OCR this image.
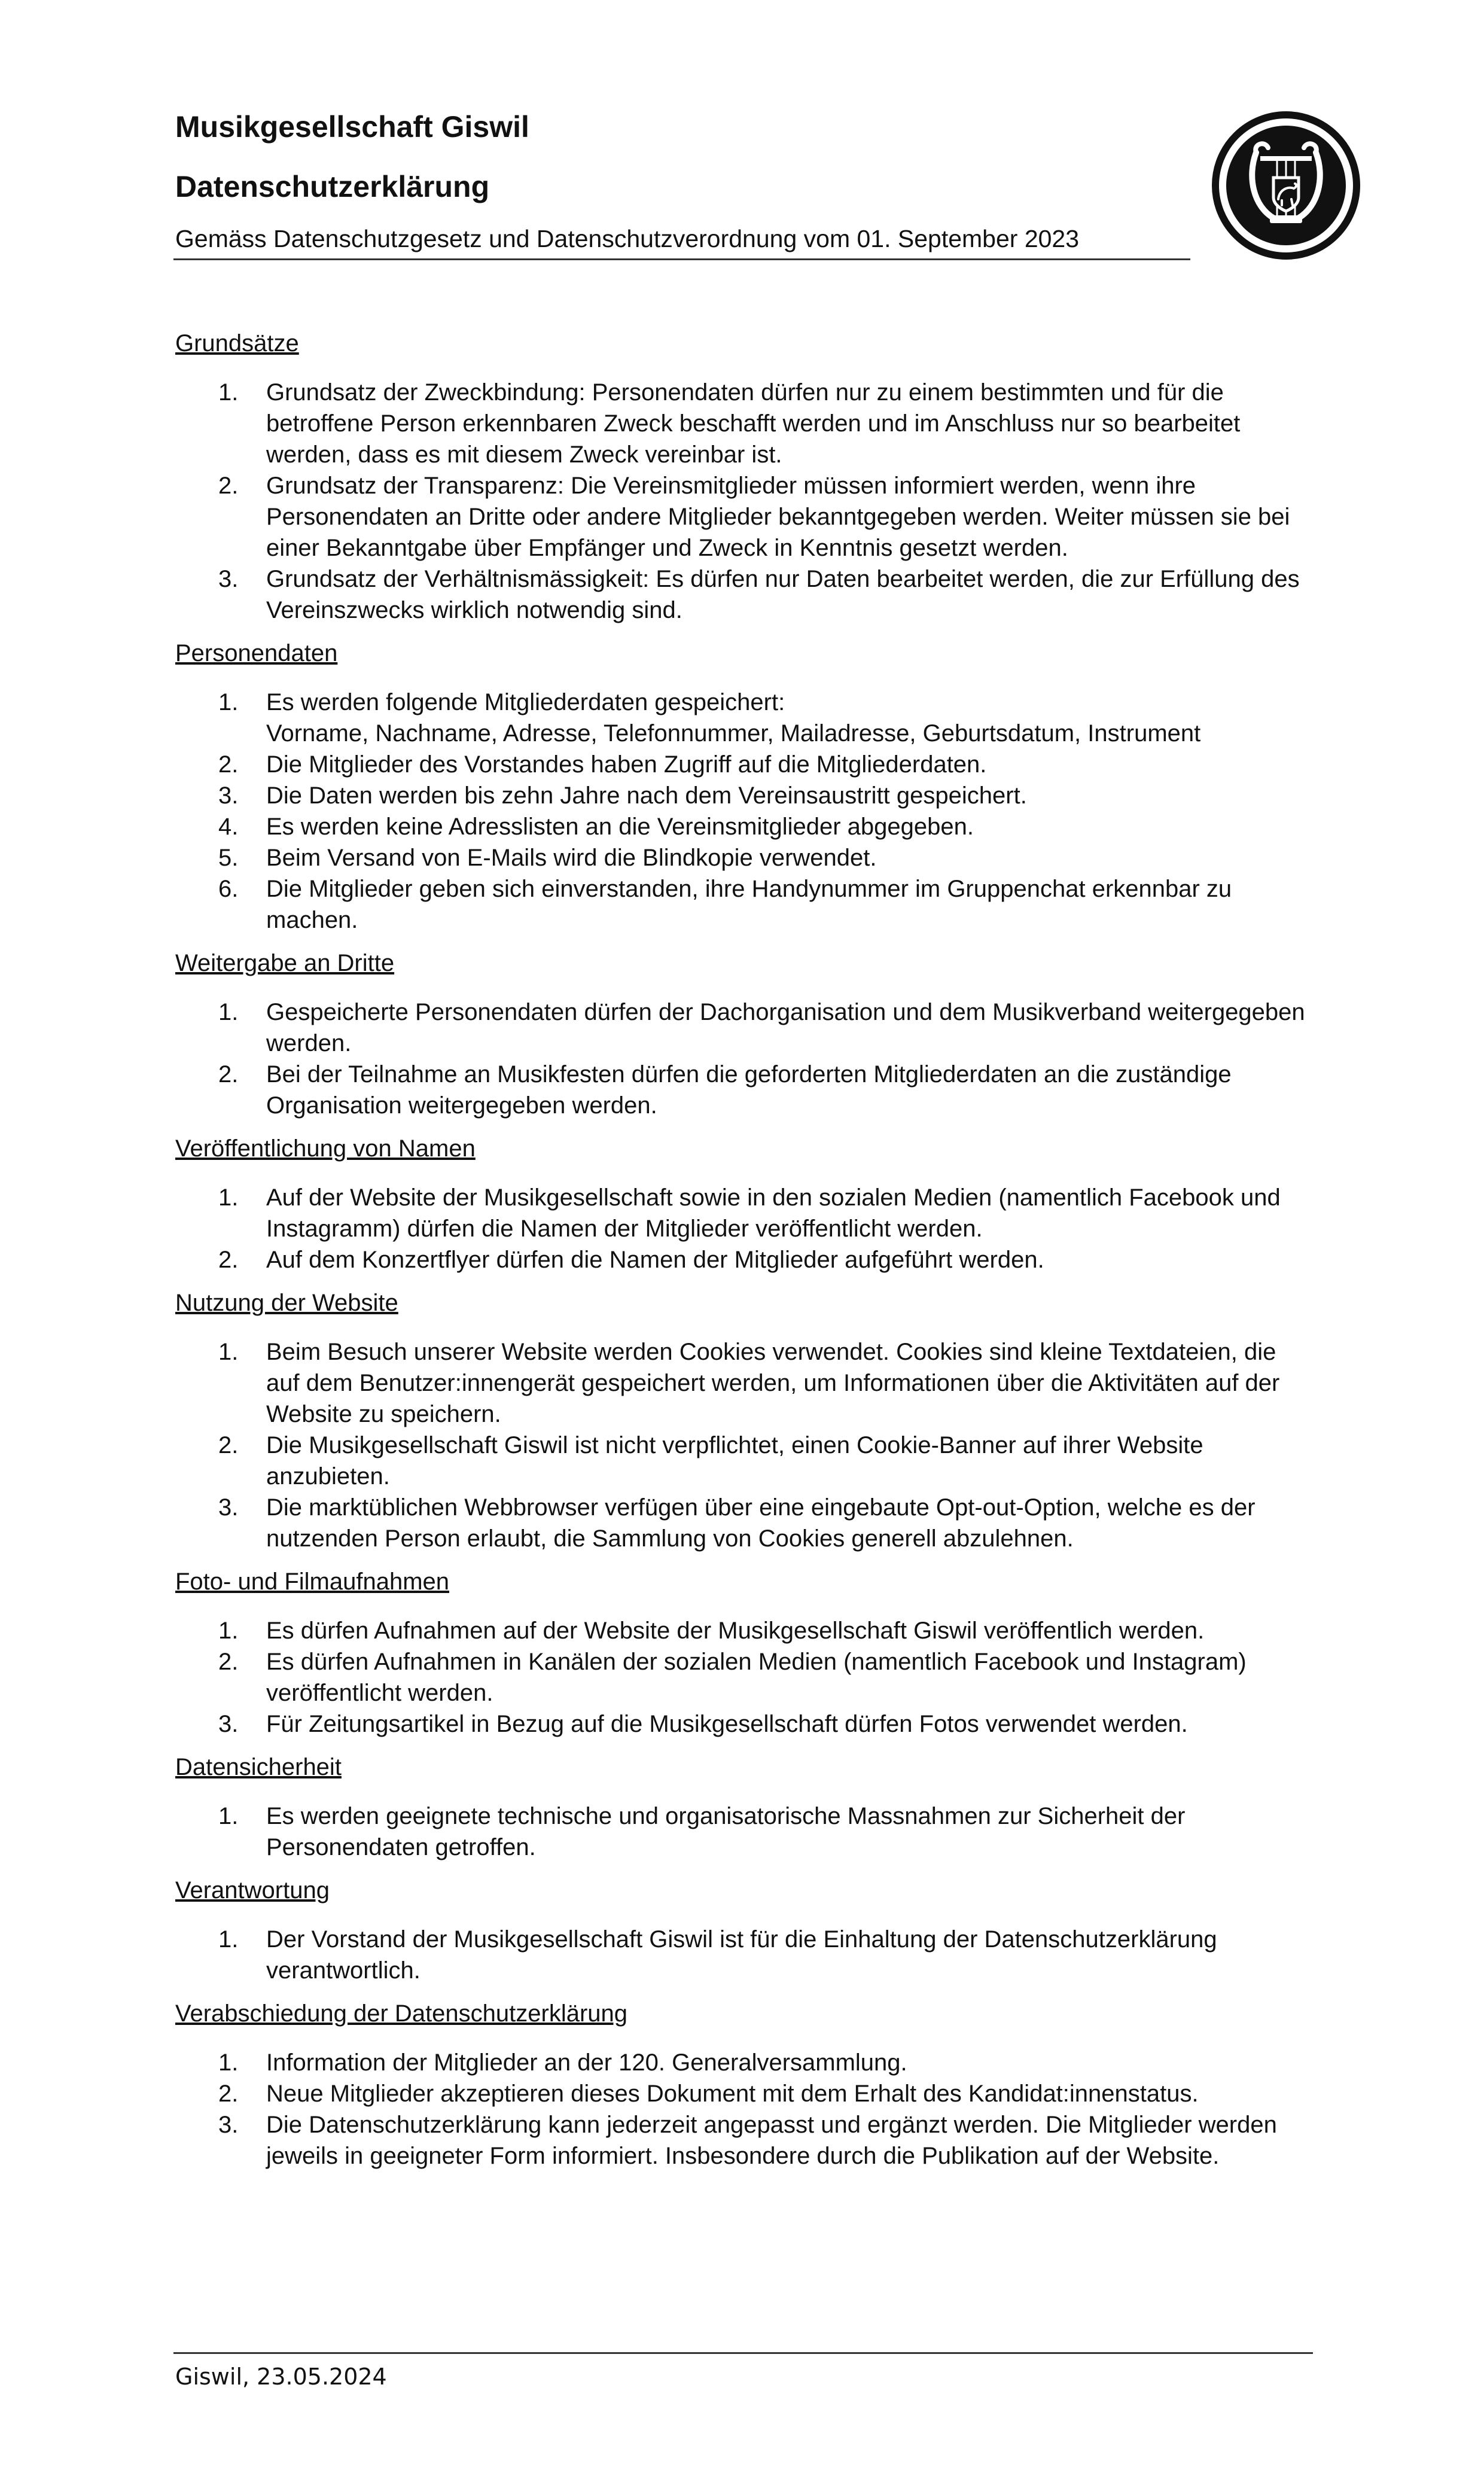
Musikgesellschaft Giswil
Datenschutzerklärung

Gemäss Datenschutzgesetz und Datenschutzverordnung vom 01. September 2023

Grundsätze
1. Grundsatz der Zweckbindung: Personendaten dürfen nur zu einem bestimmten und für die betroffene Person erkennbaren Zweck beschafft werden und im Anschluss nur so bearbeitet werden, dass es mit diesem Zweck vereinbar ist.
2. Grundsatz der Transparenz: Die Vereinsmitglieder müssen informiert werden, wenn ihre Personendaten an Dritte oder andere Mitglieder bekanntgegeben werden. Weiter müssen sie bei einer Bekanntgabe über Empfänger und Zweck in Kenntnis gesetzt werden.
3. Grundsatz der Verhältnismässigkeit: Es dürfen nur Daten bearbeitet werden, die zur Erfüllung des Vereinszwecks wirklich notwendig sind.
Personendaten
1. Es werden folgende Mitgliederdaten gespeichert:
Vorname, Nachname, Adresse, Telefonnummer, Mailadresse, Geburtsdatum, Instrument
2. Die Mitglieder des Vorstandes haben Zugriff auf die Mitgliederdaten.
3. Die Daten werden bis zehn Jahre nach dem Vereinsaustritt gespeichert.
4. Es werden keine Adresslisten an die Vereinsmitglieder abgegeben.
5. Beim Versand von E-Mails wird die Blindkopie verwendet.
6. Die Mitglieder geben sich einverstanden, ihre Handynummer im Gruppenchat erkennbar zu machen.
Weitergabe an Dritte
1. Gespeicherte Personendaten dürfen der Dachorganisation und dem Musikverband weitergegeben werden.
2. Bei der Teilnahme an Musikfesten dürfen die geforderten Mitgliederdaten an die zuständige Organisation weitergegeben werden.
Veröffentlichung von Namen
1. Auf der Website der Musikgesellschaft sowie in den sozialen Medien (namentlich Facebook und Instagramm) dürfen die Namen der Mitglieder veröffentlicht werden.
2. Auf dem Konzertflyer dürfen die Namen der Mitglieder aufgeführt werden.
Nutzung der Website
1. Beim Besuch unserer Website werden Cookies verwendet. Cookies sind kleine Textdateien, die auf dem Benutzer:innengerät gespeichert werden, um Informationen über die Aktivitäten auf der Website zu speichern.
2. Die Musikgesellschaft Giswil ist nicht verpflichtet, einen Cookie-Banner auf ihrer Website anzubieten.
3. Die marktüblichen Webbrowser verfügen über eine eingebaute Opt-out-Option, welche es der nutzenden Person erlaubt, die Sammlung von Cookies generell abzulehnen.
Foto- und Filmaufnahmen
1. Es dürfen Aufnahmen auf der Website der Musikgesellschaft Giswil veröffentlich werden.
2. Es dürfen Aufnahmen in Kanälen der sozialen Medien (namentlich Facebook und Instagram) veröffentlicht werden.
3. Für Zeitungsartikel in Bezug auf die Musikgesellschaft dürfen Fotos verwendet werden.
Datensicherheit
1. Es werden geeignete technische und organisatorische Massnahmen zur Sicherheit der Personendaten getroffen.
Verantwortung
1. Der Vorstand der Musikgesellschaft Giswil ist für die Einhaltung der Datenschutzerklärung verantwortlich.
Verabschiedung der Datenschutzerklärung
1. Information der Mitglieder an der 120. Generalversammlung.
2. Neue Mitglieder akzeptieren dieses Dokument mit dem Erhalt des Kandidat:innenstatus.
3. Die Datenschutzerklärung kann jederzeit angepasst und ergänzt werden. Die Mitglieder werden jeweils in geeigneter Form informiert. Insbesondere durch die Publikation auf der Website.

Giswil, 23.05.2024
